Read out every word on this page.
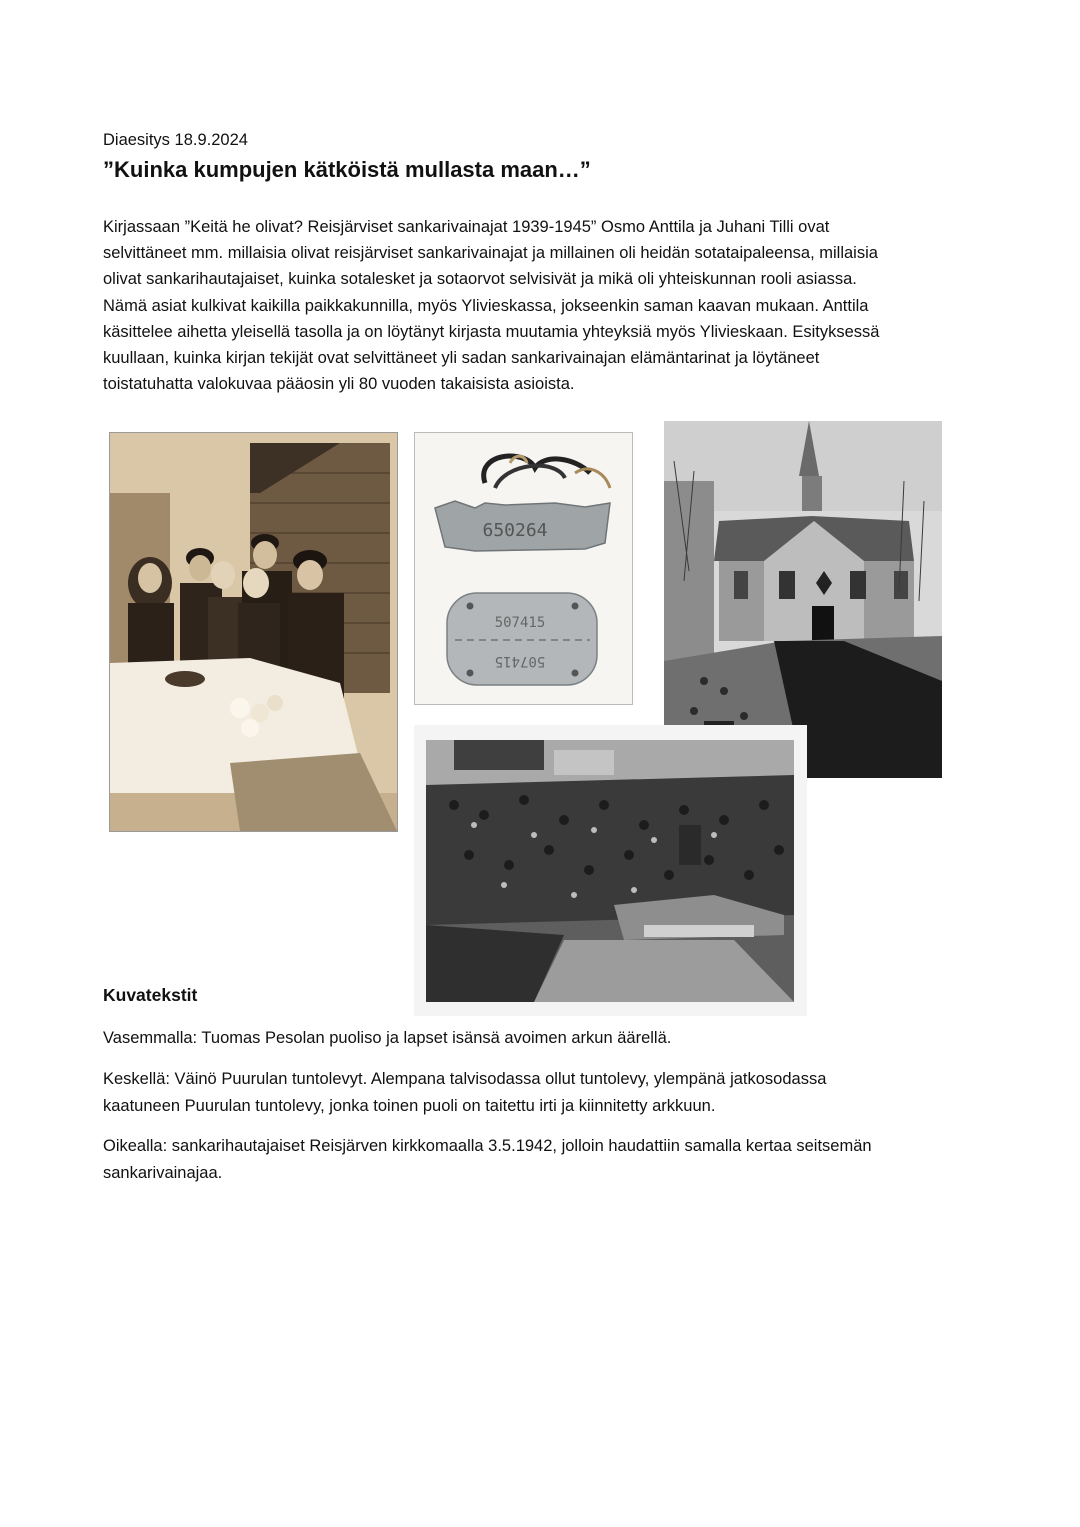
Diaesitys 18.9.2024
”Kuinka kumpujen kätköistä mullasta maan…”

Kirjassaan ”Keitä he olivat? Reisjärviset sankarivainajat 1939-1945” Osmo Anttila ja Juhani Tilli ovat
selvittäneet mm. millaisia olivat reisjärviset sankarivainajat ja millainen oli heidän sotataipaleensa, millaisia
olivat sankarihautajaiset, kuinka sotalesket ja sotaorvot selvisivät ja mikä oli yhteiskunnan rooli asiassa.
Nämä asiat kulkivat kaikilla paikkakunnilla, myös Ylivieskassa, jokseenkin saman kaavan mukaan. Anttila
käsittelee aihetta yleisellä tasolla ja on löytänyt kirjasta muutamia yhteyksiä myös Ylivieskaan. Esityksessä
kuullaan, kuinka kirjan tekijät ovat selvittäneet yli sadan sankarivainajan elämäntarinat ja löytäneet
toistatuhatta valokuvaa pääosin yli 80 vuoden takaisista asioista.

650264
507415
507415
Kuvatekstit

Vasemmalla: Tuomas Pesolan puoliso ja lapset isänsä avoimen arkun äärellä.

Keskellä: Väinö Puurulan tuntolevyt. Alempana talvisodassa ollut tuntolevy, ylempänä jatkosodassa
kaatuneen Puurulan tuntolevy, jonka toinen puoli on taitettu irti ja kiinnitetty arkkuun.

Oikealla: sankarihautajaiset Reisjärven kirkkomaalla 3.5.1942, jolloin haudattiin samalla kertaa seitsemän
sankarivainajaa.
